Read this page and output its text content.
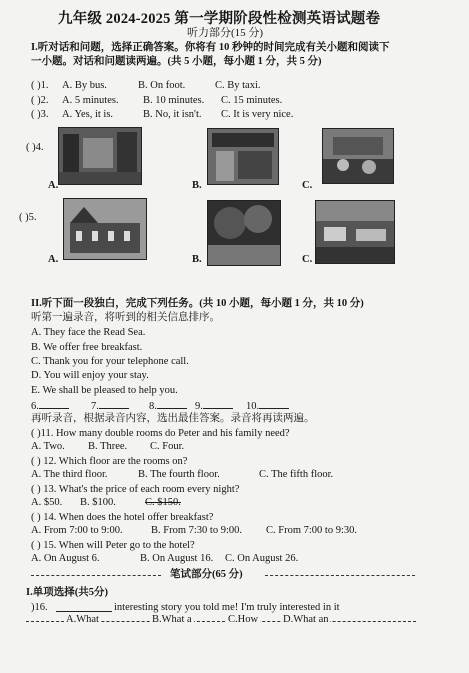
九年级 2024-2025 第一学期阶段性检测英语试题卷
听力部分(15 分)
I.听对话和问题，选择正确答案。你将有 10 秒钟的时间完成有关小题和阅读下
一小题。对话和问题读两遍。(共 5 小题，每小题 1 分，共 5 分)
( )1. A. By bus.	B. On foot.	C. By taxi.
( )2. A. 5 minutes. B. 10 minutes. C. 15 minutes.
( )3. A. Yes, it is.	B. No, it isn't. C. It is very nice.
( )4.
A.	B.	C.
( )5.
A.	B.	C.
II.听下面一段独白，完成下列任务。(共 10 小题，每小题 1 分，共 10 分)
听第一遍录音，将听到的相关信息排序。
A. They face the Read Sea.
B. We offer free breakfast.
C. Thank you for your telephone call.
D. You will enjoy your stay.
E. We shall be pleased to help you.
6.	7.	8.	9.	10.
再听录音，根据录音内容，选出最佳答案。录音将再读两遍。
( )11. How many double rooms do Peter and his family need?
A. Two. B. Three. C. Four.
( ) 12. Which floor are the rooms on?
A. The third floor.	B. The fourth floor.	C. The fifth floor.
( ) 13. What's the price of each room every night?
A. $50. B. $100.	C. $150.
( ) 14. When does the hotel offer breakfast?
A. From 7:00 to 9:00.	B. From 7:30 to 9:00. C. From 7:00 to 9:30.
( ) 15. When will Peter go to the hotel?
A. On August 6.	B. On August 16. C. On August 26.
笔试部分(65 分)
I.单项选择(共5分)
)16.	interesting story you told me! I'm truly interested in it
A.What	B.What a	C.How D.What an
